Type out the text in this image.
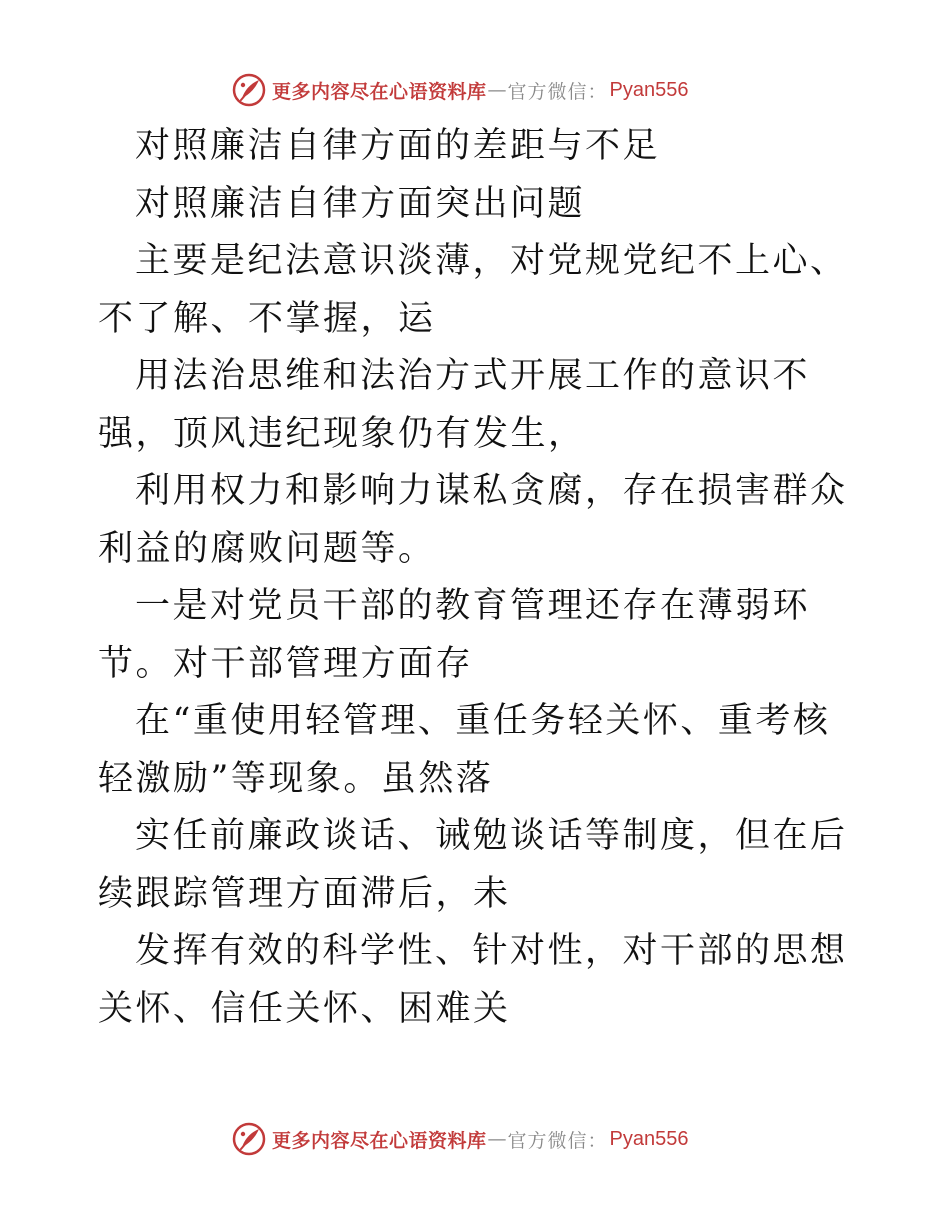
更多内容尽在心语资料库 — 官方微信： Pyan556

对照廉洁自律方面的差距与不足

对照廉洁自律方面突出问题

主要是纪法意识淡薄，对党规党纪不上心、不了解、不掌握，运

用法治思维和法治方式开展工作的意识不强，顶风违纪现象仍有发生，

利用权力和影响力谋私贪腐，存在损害群众利益的腐败问题等。

一是对党员干部的教育管理还存在薄弱环节。对干部管理方面存

在“重使用轻管理、重任务轻关怀、重考核轻激励”等现象。虽然落

实任前廉政谈话、诫勉谈话等制度，但在后续跟踪管理方面滞后，未

发挥有效的科学性、针对性，对干部的思想关怀、信任关怀、困难关

更多内容尽在心语资料库 — 官方微信： Pyan556
